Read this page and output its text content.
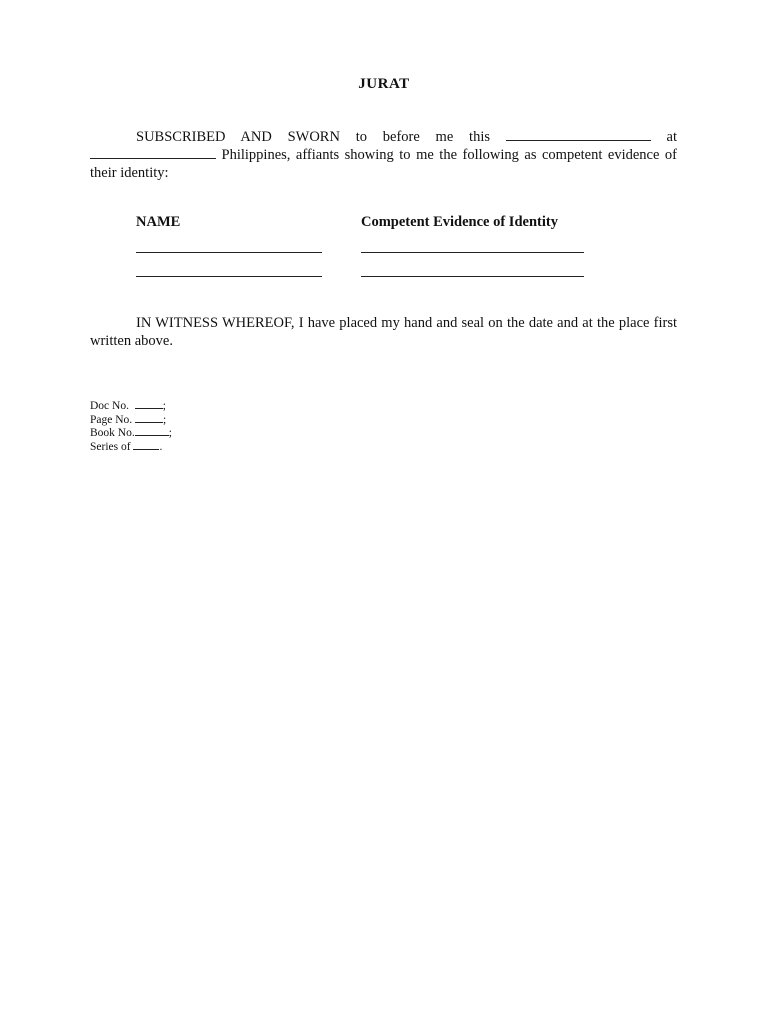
JURAT
SUBSCRIBED AND SWORN to before me this	at  Philippines, affiants showing to me the following as competent evidence of their identity:
NAME	Competent Evidence of Identity
IN WITNESS WHEREOF, I have placed my hand and seal on the date and at the place first written above.
Doc No.	;
Page No.	;
Book No.	;
Series of	.
